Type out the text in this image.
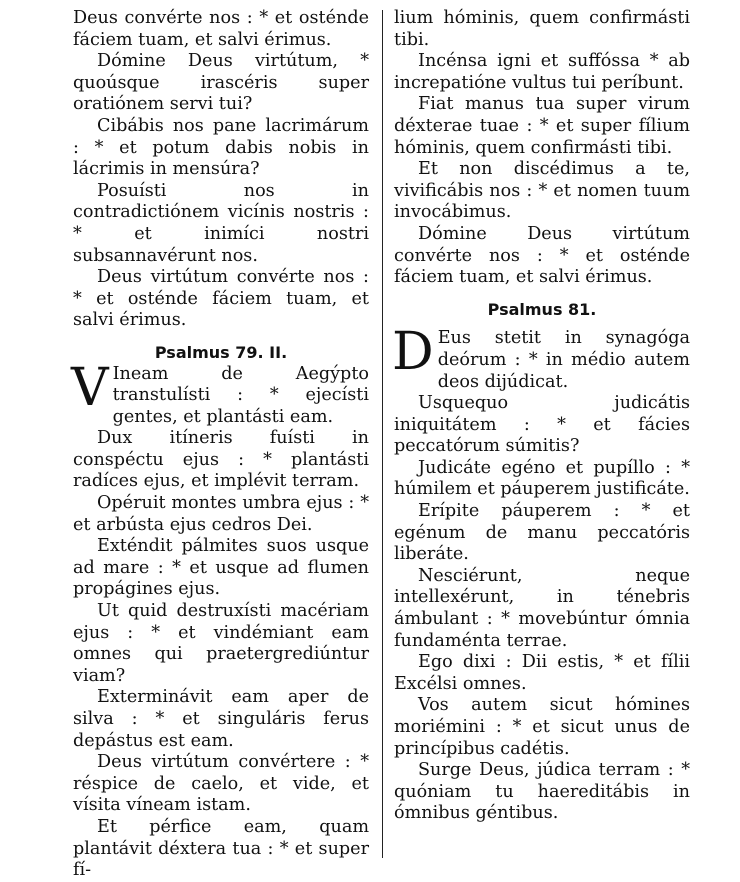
Deus convérte nos : * et osténde fáciem tuam, et salvi érimus.

Dómine Deus virtútum, * quoúsque irascéris super oratiónem servi tui?

Cibábis nos pane lacrimárum : * et potum dabis nobis in lácrimis in mensúra?

Posuísti nos in contradictiónem vicínis nostris : * et inimíci nostri subsannavérunt nos.

Deus virtútum convérte nos : * et osténde fáciem tuam, et salvi érimus.

Psalmus 79. II.

V Ineam de Aegýpto transtulísti : * ejecísti gentes, et plantásti eam.

Dux itíneris fuísti in conspéctu ejus : * plantásti radíces ejus, et implévit terram.

Opéruit montes umbra ejus : * et arbústa ejus cedros Dei.

Exténdit pálmites suos usque ad mare : * et usque ad flumen propágines ejus.

Ut quid destruxísti macériam ejus : * et vindémiant eam omnes qui praetergrediúntur viam?

Exterminávit eam aper de silva : * et singuláris ferus depástus est eam.

Deus virtútum convértere : * réspice de caelo, et vide, et vísita víneam istam.

Et pérfice eam, quam plantávit déxtera tua : * et super fí-

lium hóminis, quem confirmásti tibi.

Incénsa igni et suffóssa * ab increpatióne vultus tui períbunt.

Fiat manus tua super virum déxterae tuae : * et super fílium hóminis, quem confirmásti tibi.

Et non discédimus a te, vivificábis nos : * et nomen tuum invocábimus.

Dómine Deus virtútum convérte nos : * et osténde fáciem tuam, et salvi érimus.

Psalmus 81.

D Eus stetit in synagóga deórum : * in médio autem deos dijúdicat.

Usquequo judicátis iniquitátem : * et fácies peccatórum súmitis?

Judicáte egéno et pupíllo : * húmilem et páuperem justificáte.

Erípite páuperem : * et egénum de manu peccatóris liberáte.

Nesciérunt, neque intellexérunt, in ténebris ámbulant : * movebúntur ómnia fundaménta terrae.

Ego dixi : Dii estis, * et fílii Excélsi omnes.

Vos autem sicut hómines moriémini : * et sicut unus de princípibus cadétis.

Surge Deus, júdica terram : * quóniam tu haereditábis in ómnibus géntibus.
